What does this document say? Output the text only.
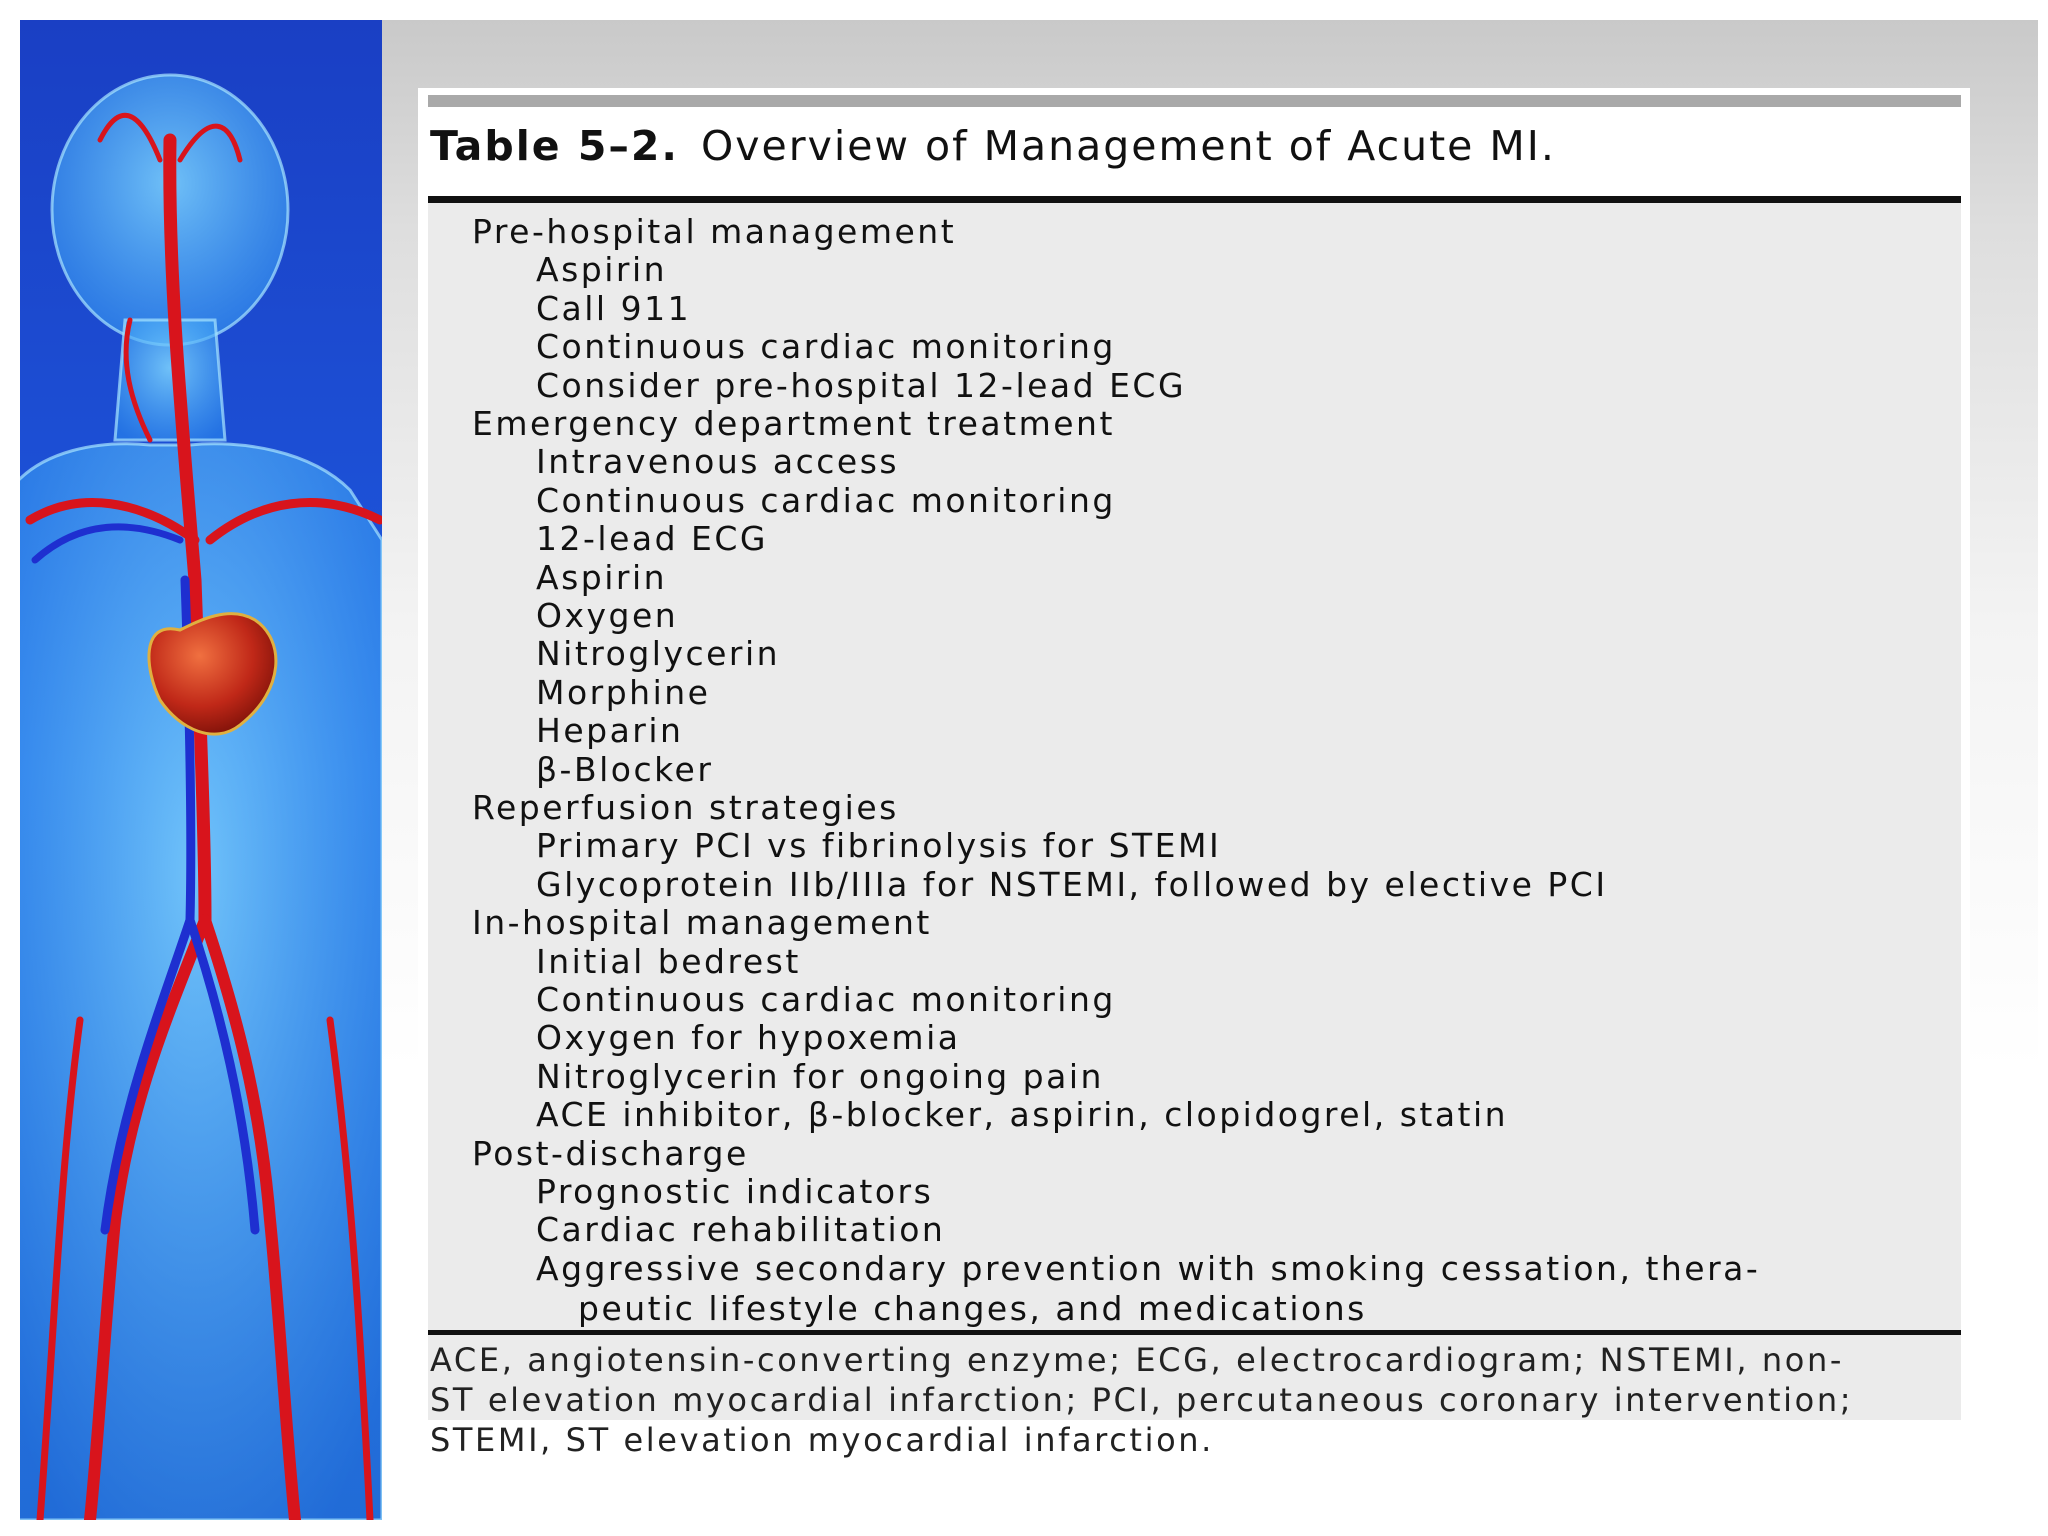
Table 5–2. Overview of Management of Acute MI.
Pre-hospital management
Aspirin
Call 911
Continuous cardiac monitoring
Consider pre-hospital 12-lead ECG
Emergency department treatment
Intravenous access
Continuous cardiac monitoring
12-lead ECG
Aspirin
Oxygen
Nitroglycerin
Morphine
Heparin
β-Blocker
Reperfusion strategies
Primary PCI vs fibrinolysis for STEMI
Glycoprotein IIb/IIIa for NSTEMI, followed by elective PCI
In-hospital management
Initial bedrest
Continuous cardiac monitoring
Oxygen for hypoxemia
Nitroglycerin for ongoing pain
ACE inhibitor, β-blocker, aspirin, clopidogrel, statin
Post-discharge
Prognostic indicators
Cardiac rehabilitation
Aggressive secondary prevention with smoking cessation, thera-
peutic lifestyle changes, and medications

ACE, angiotensin-converting enzyme; ECG, electrocardiogram; NSTEMI, non-
ST elevation myocardial infarction; PCI, percutaneous coronary intervention;
STEMI, ST elevation myocardial infarction.
